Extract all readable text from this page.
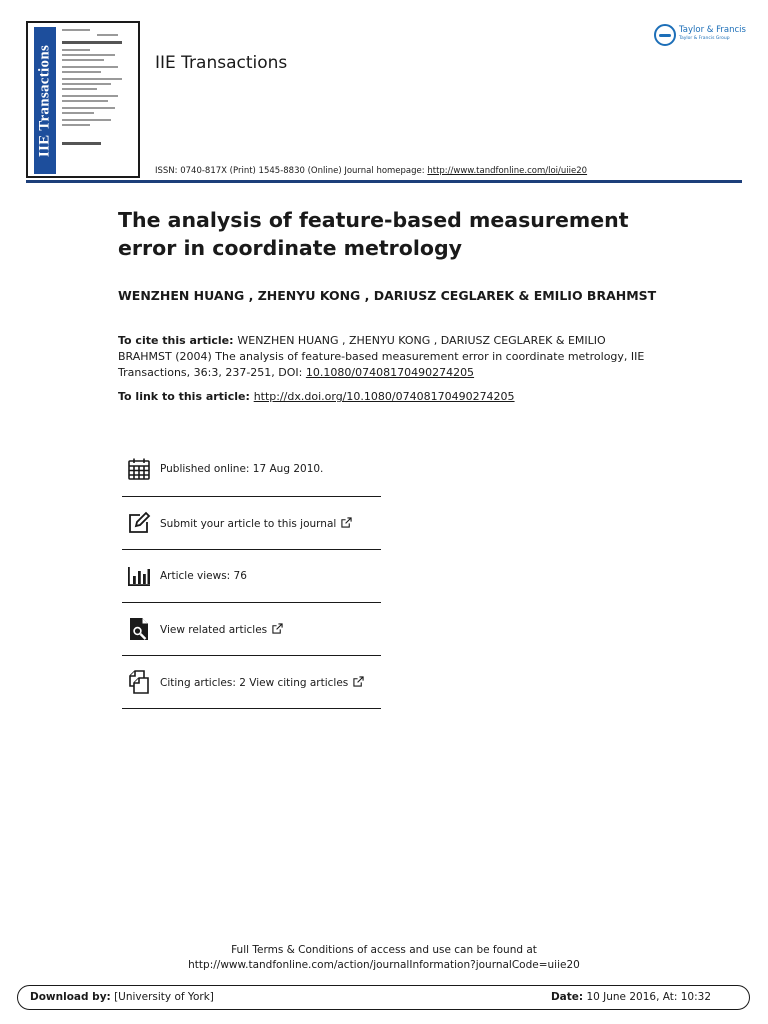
IIE Transactions	IIE Transactions
ISSN: 0740-817X (Print) 1545-8830 (Online) Journal homepage: http://www.tandfonline.com/loi/uiie20
Taylor & Francis
Taylor & Francis Group
The analysis of feature-based measurement error in coordinate metrology
WENZHEN HUANG , ZHENYU KONG , DARIUSZ CEGLAREK & EMILIO BRAHMST
To cite this article: WENZHEN HUANG , ZHENYU KONG , DARIUSZ CEGLAREK & EMILIO BRAHMST (2004) The analysis of feature-based measurement error in coordinate metrology, IIE Transactions, 36:3, 237-251, DOI: 10.1080/07408170490274205
To link to this article: http://dx.doi.org/10.1080/07408170490274205
Published online: 17 Aug 2010.
Submit your article to this journal
Article views: 76
View related articles
Citing articles: 2 View citing articles
Full Terms & Conditions of access and use can be found at
http://www.tandfonline.com/action/journalInformation?journalCode=uiie20
Download by: [University of York]	Date: 10 June 2016, At: 10:32
